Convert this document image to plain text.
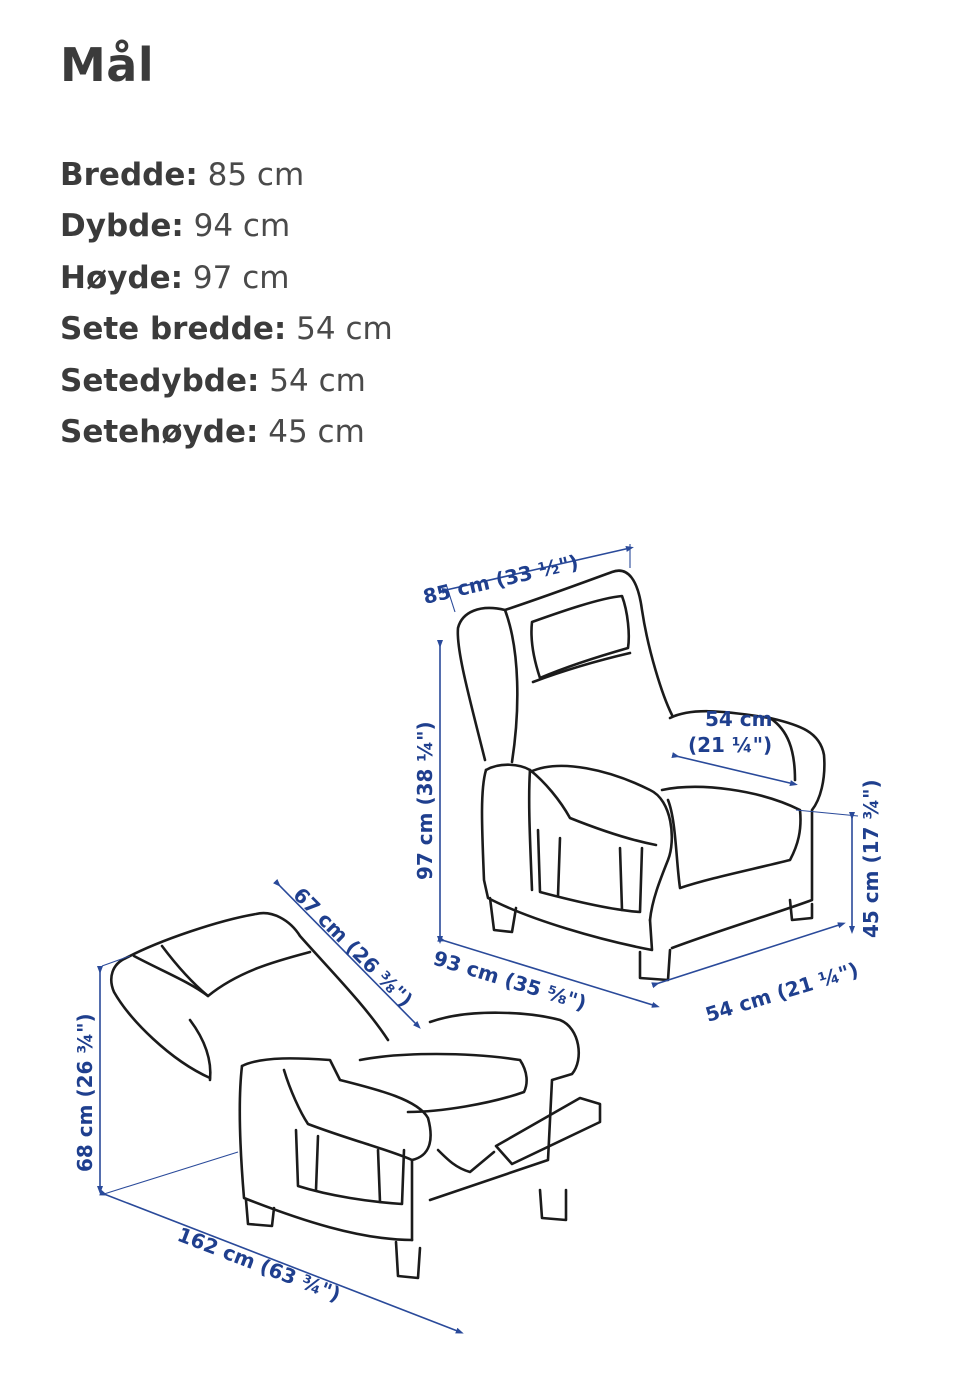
Mål
Bredde: 85 cm
Dybde: 94 cm
Høyde: 97 cm
Sete bredde: 54 cm
Setedybde: 54 cm
Setehøyde: 45 cm
85 cm (33 ½")
97 cm (38 ¼")
93 cm (35 ⅝")	54 cm (21 ¼")
45 cm (17 ¾")
54 cm
(21 ¼")
67 cm (26 ⅜")
68 cm (26 ¾")
162 cm (63 ¾")
